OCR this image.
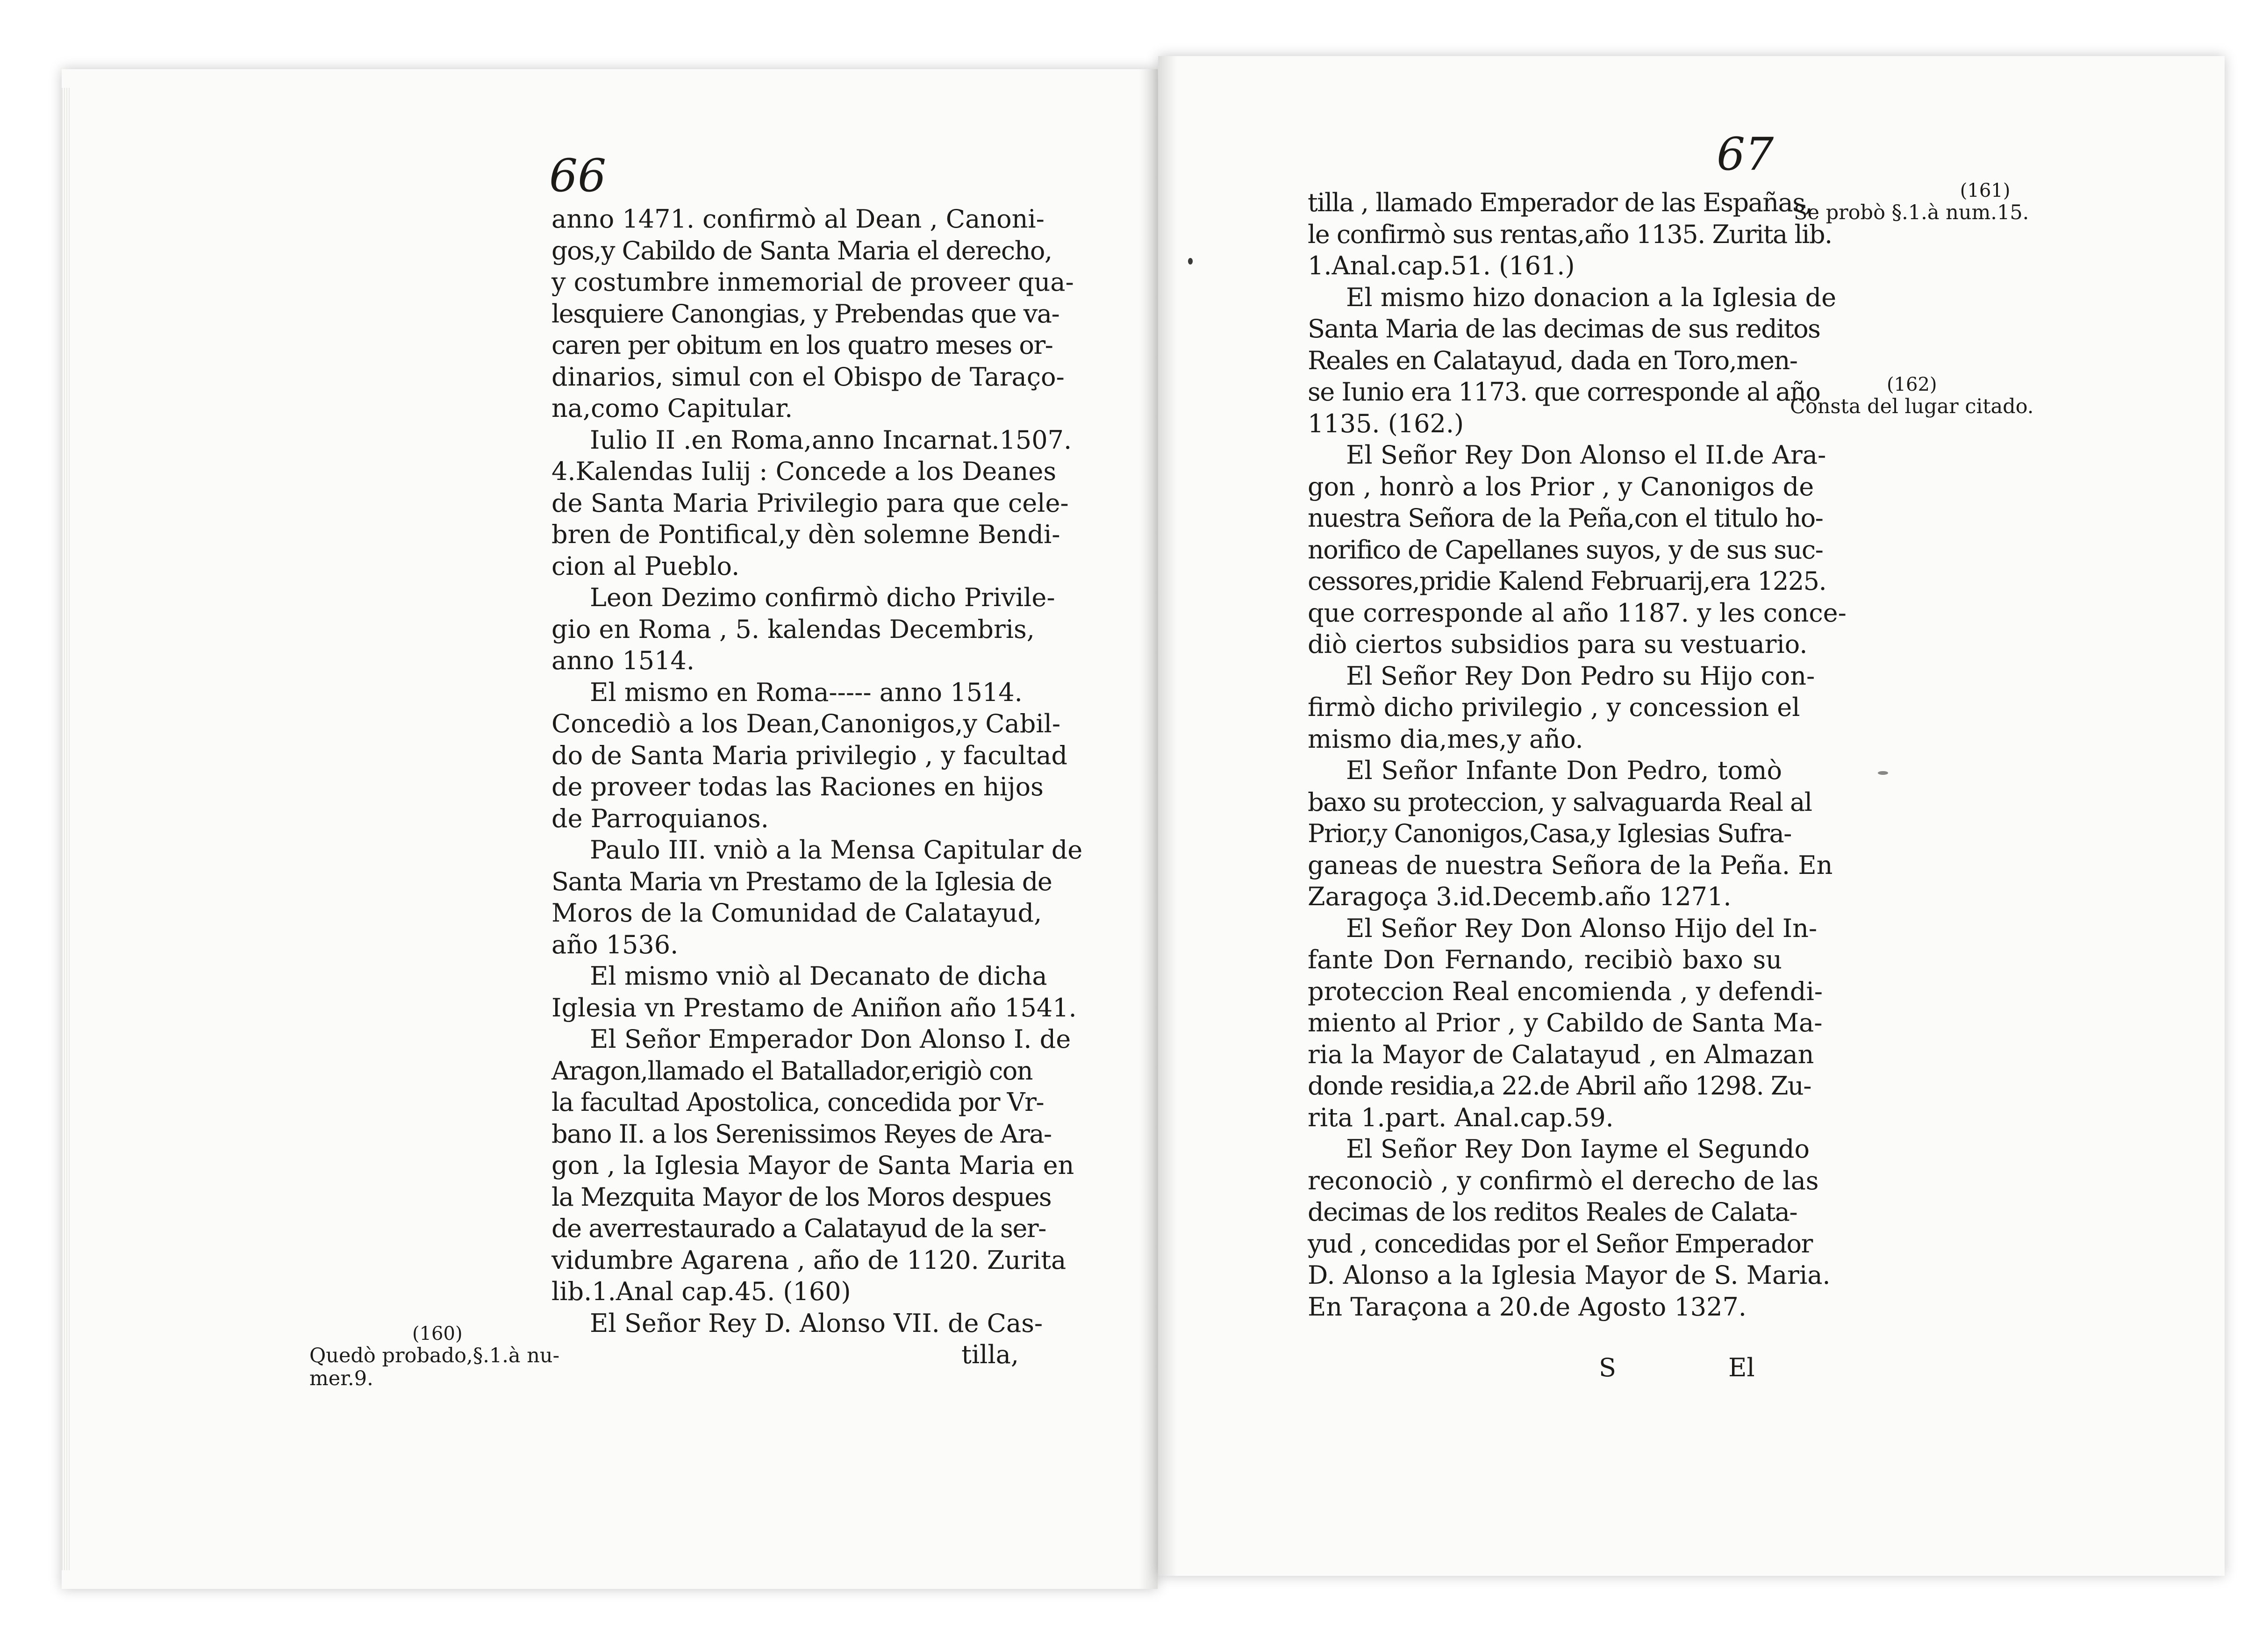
66
anno 1471. confirmò al Dean , Canoni-
gos,y Cabildo de Santa Maria el derecho,
y costumbre inmemorial de proveer qua-
lesquiere Canongias, y Prebendas que va-
caren per obitum en los quatro meses or-
dinarios, simul con el Obispo de Taraço-
na,como Capitular.
Iulio II .en Roma,anno Incarnat.1507.
4.Kalendas Iulij : Concede a los Deanes
de Santa Maria Privilegio para que cele-
bren de Pontifical,y dèn solemne Bendi-
cion al Pueblo.
Leon Dezimo confirmò dicho Privile-
gio en Roma , 5. kalendas Decembris,
anno 1514.
El mismo en Roma----- anno 1514.
Concediò a los Dean,Canonigos,y Cabil-
do de Santa Maria privilegio , y facultad
de proveer todas las Raciones en hijos
de Parroquianos.
Paulo III. vniò a la Mensa Capitular de
Santa Maria vn Prestamo de la Iglesia de
Moros de la Comunidad de Calatayud,
año 1536.
El mismo vniò al Decanato de dicha
Iglesia vn Prestamo de Aniñon año 1541.
El Señor Emperador Don Alonso I. de
Aragon,llamado el Batallador,erigiò con
la facultad Apostolica, concedida por Vr-
bano II. a los Serenissimos Reyes de Ara-
gon , la Iglesia Mayor de Santa Maria en
la Mezquita Mayor de los Moros despues
de averrestaurado a Calatayud de la ser-
vidumbre Agarena , año de 1120. Zurita
lib.1.Anal cap.45. (160)
El Señor Rey D. Alonso VII. de Cas-
tilla,
(160)
Quedò probado,§.1.à nu-
mer.9.
67
tilla , llamado Emperador de las Españas,
le confirmò sus rentas,año 1135. Zurita lib.
1.Anal.cap.51. (161.)
El mismo hizo donacion a la Iglesia de
Santa Maria de las decimas de sus reditos
Reales en Calatayud, dada en Toro,men-
se Iunio era 1173. que corresponde al año
1135. (162.)
El Señor Rey Don Alonso el II.de Ara-
gon , honrò a los Prior , y Canonigos de
nuestra Señora de la Peña,con el titulo ho-
norifico de Capellanes suyos, y de sus suc-
cessores,pridie Kalend Februarij,era 1225.
que corresponde al año 1187. y les conce-
diò ciertos subsidios para su vestuario.
El Señor Rey Don Pedro su Hijo con-
firmò dicho privilegio , y concession el
mismo dia,mes,y año.
El Señor Infante Don Pedro, tomò
baxo su proteccion, y salvaguarda Real al
Prior,y Canonigos,Casa,y Iglesias Sufra-
ganeas de nuestra Señora de la Peña. En
Zaragoça 3.id.Decemb.año 1271.
El Señor Rey Don Alonso Hijo del In-
fante Don Fernando, recibiò baxo su
proteccion Real encomienda , y defendi-
miento al Prior , y Cabildo de Santa Ma-
ria la Mayor de Calatayud , en Almazan
donde residia,a 22.de Abril año 1298. Zu-
rita 1.part. Anal.cap.59.
El Señor Rey Don Iayme el Segundo
reconociò , y confirmò el derecho de las
decimas de los reditos Reales de Calata-
yud , concedidas por el Señor Emperador
D. Alonso a la Iglesia Mayor de S. Maria.
En Taraçona a 20.de Agosto 1327.
S	El
(161)
Se probò §.1.à num.15.
(162)
Consta del lugar citado.
